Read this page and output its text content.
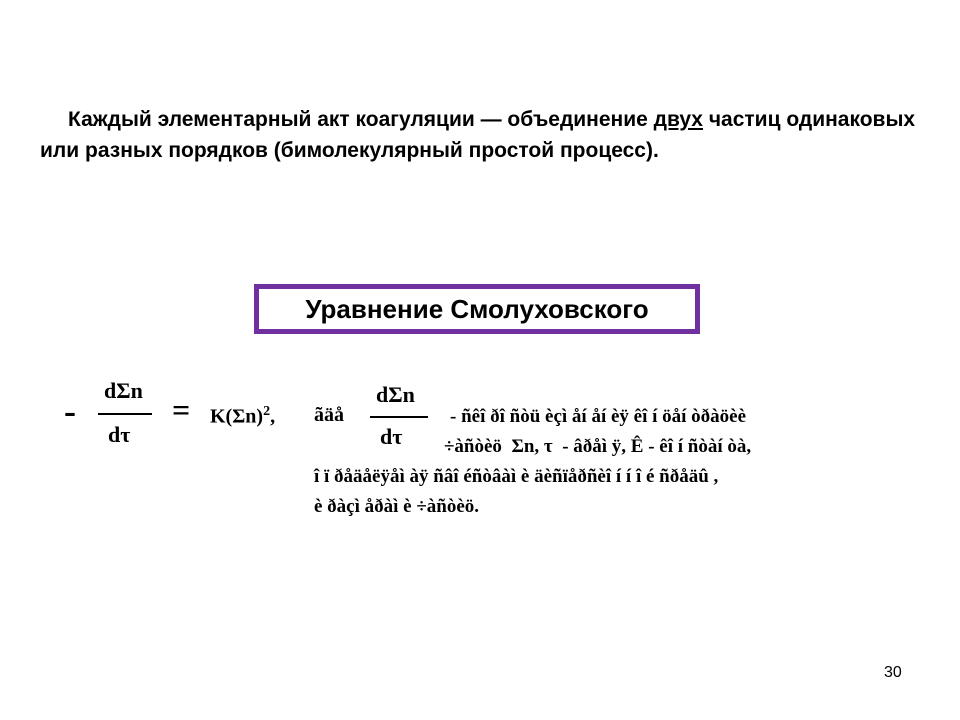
Каждый элементарный акт коагуляции — объединение двух частиц одинаковых или разных порядков (бимолекулярный простой процесс).
Уравнение Смолуховского
-
dΣn
dτ
= $K(\Sigma n)^2$, ãäå
dΣn
dτ
- ñêî ðî ñòü èçì åí åí èÿ êî í öåí òðàöèè
÷àñòèö Σn, τ - âðåì ÿ, Ê - êî í ñòàí òà,
î ï ðåäåëÿåì àÿ ñâî éñòâàì è äèñïåðñèî í í î é ñðåäû ,
è ðàçì åðàì è ÷àñòèö.
30
